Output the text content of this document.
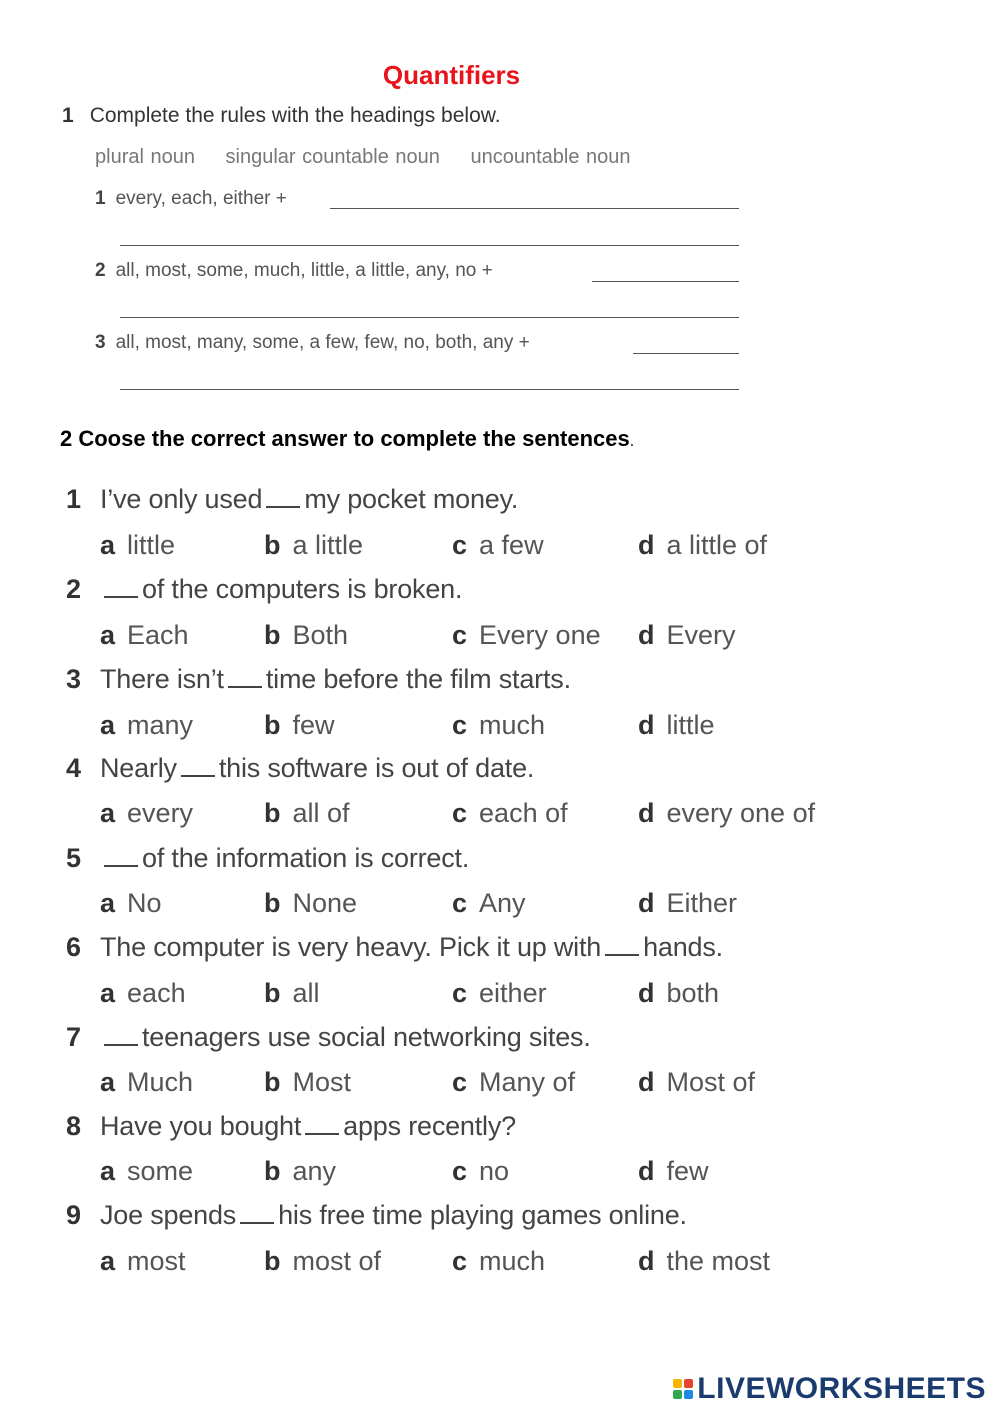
Quantifiers
1 Complete the rules with the headings below.
plural noun singular countable noun uncountable noun
1 every, each, either +
2 all, most, some, much, little, a little, any, no +
3 all, most, many, some, a few, few, no, both, any +
2 Coose the correct answer to complete the sentences.
1 I’ve only used my pocket money.
2 of the computers is broken.
3 There isn’t time before the film starts.
4 Nearly this software is out of date.
5 of the information is correct.
6 The computer is very heavy. Pick it up with hands.
7 teenagers use social networking sites.
8 Have you bought apps recently?
9 Joe spends his free time playing games online.
a little	b a little	c a few	d a little of
a Each	b Both	c Every one d Every
a many	b few	c much	d little
a every	b all of	c each of	d every one of
a No	b None	c Any	d Either
a each	b all	c either	d both
a Much	b Most	c Many of d Most of
a some	b any	c no	d few
a most	b most of	c much	d the most
LIVEWORKSHEETS
